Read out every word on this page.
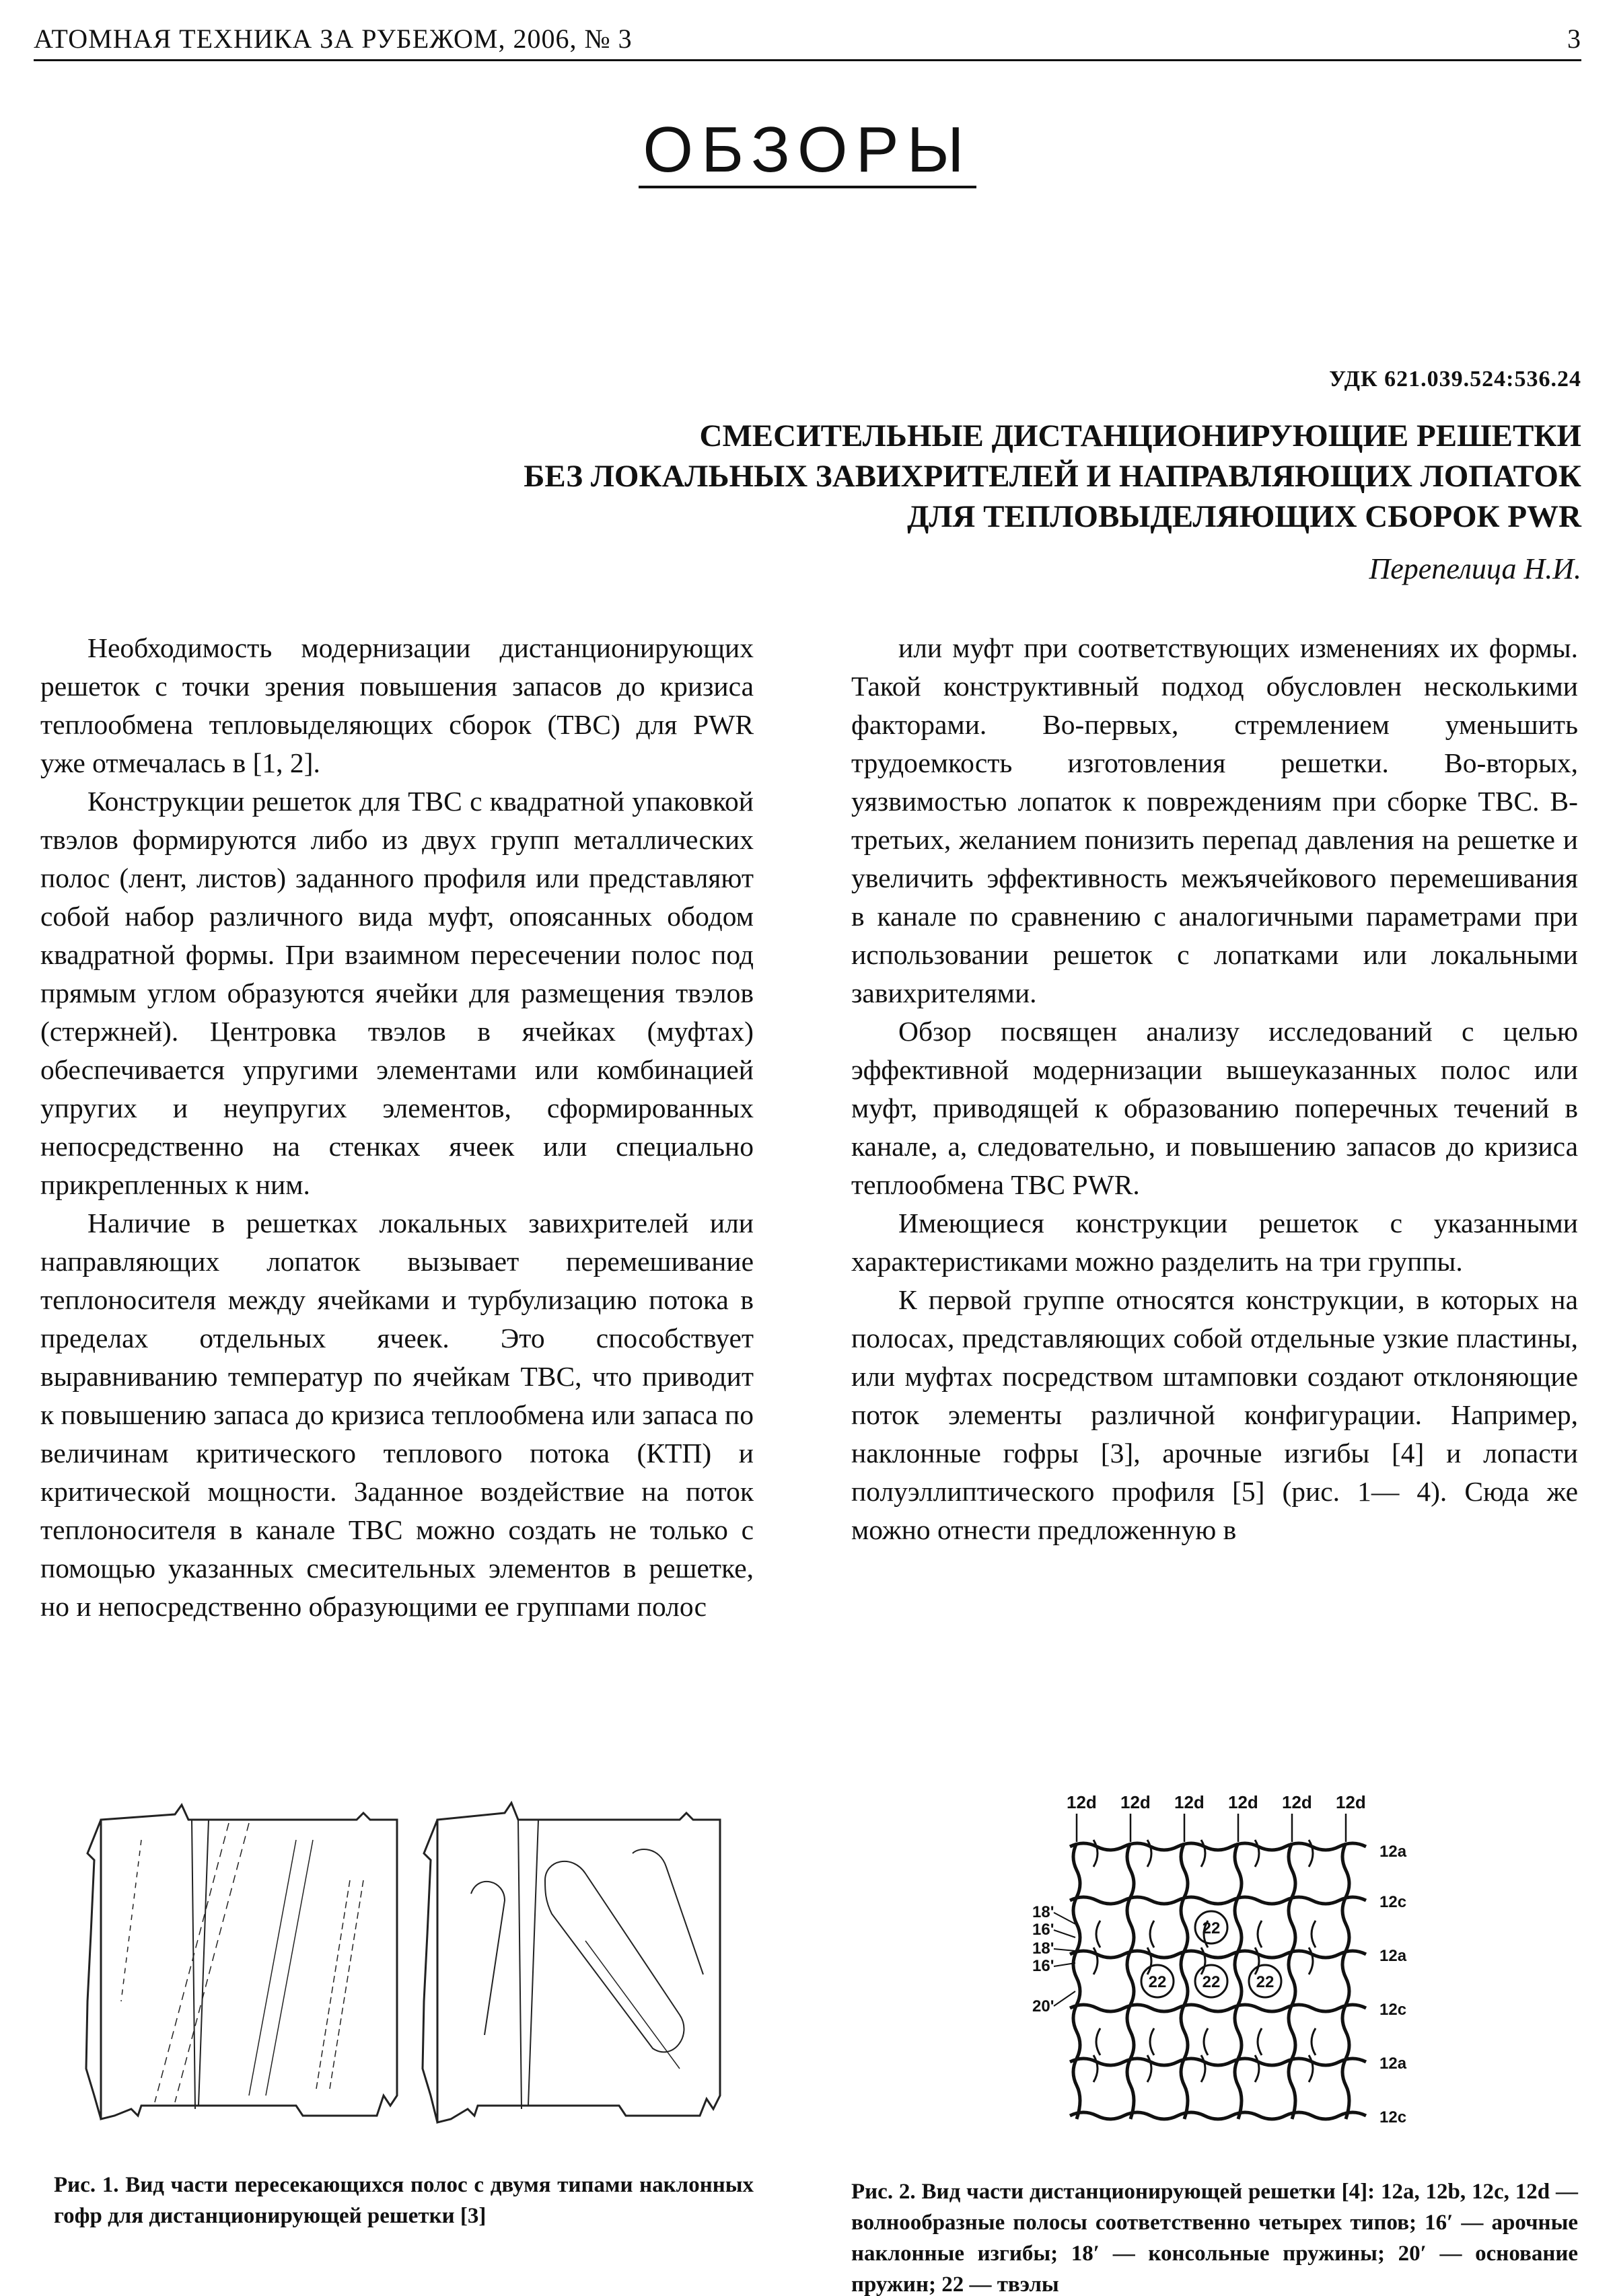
АТОМНАЯ ТЕХНИКА ЗА РУБЕЖОМ, 2006, № 3	3
ОБЗОРЫ
УДК 621.039.524:536.24
СМЕСИТЕЛЬНЫЕ ДИСТАНЦИОНИРУЮЩИЕ РЕШЕТКИ
БЕЗ ЛОКАЛЬНЫХ ЗАВИХРИТЕЛЕЙ И НАПРАВЛЯЮЩИХ ЛОПАТОК
ДЛЯ ТЕПЛОВЫДЕЛЯЮЩИХ СБОРОК PWR
Перепелица Н.И.

Необходимость модернизации дистанционирующих решеток с точки зрения повышения запасов до кризиса теплообмена тепловыделяющих сборок (ТВС) для PWR уже отмечалась в [1, 2].

Конструкции решеток для ТВС с квадратной упаковкой твэлов формируются либо из двух групп металлических полос (лент, листов) заданного профиля или представляют собой набор различного вида муфт, опоясанных ободом квадратной формы. При взаимном пересечении полос под прямым углом образуются ячейки для размещения твэлов (стержней). Центровка твэлов в ячейках (муфтах) обеспечивается упругими элементами или комбинацией упругих и неупругих элементов, сформированных непосредственно на стенках ячеек или специально прикрепленных к ним.

Наличие в решетках локальных завихрителей или направляющих лопаток вызывает перемешивание теплоносителя между ячейками и турбулизацию потока в пределах отдельных ячеек. Это способствует выравниванию температур по ячейкам ТВС, что приводит к повышению запаса до кризиса теплообмена или запаса по величинам критического теплового потока (КТП) и критической мощности. Заданное воздействие на поток теплоносителя в канале ТВС можно создать не только с помощью указанных смесительных элементов в решетке, но и непосредственно образующими ее группами полос

или муфт при соответствующих изменениях их формы. Такой конструктивный подход обусловлен несколькими факторами. Во-первых, стремлением уменьшить трудоемкость изготовления решетки. Во-вторых, уязвимостью лопаток к повреждениям при сборке ТВС. В-третьих, желанием понизить перепад давления на решетке и увеличить эффективность межъячейкового перемешивания в канале по сравнению с аналогичными параметрами при использовании решеток с лопатками или локальными завихрителями.

Обзор посвящен анализу исследований с целью эффективной модернизации вышеуказанных полос или муфт, приводящей к образованию поперечных течений в канале, а, следовательно, и повышению запасов до кризиса теплообмена ТВС PWR.

Имеющиеся конструкции решеток с указанными характеристиками можно разделить на три группы.

К первой группе относятся конструкции, в которых на полосах, представляющих собой отдельные узкие пластины, или муфтах посредством штамповки создают отклоняющие поток элементы различной конфигурации. Например, наклонные гофры [3], арочные изгибы [4] и лопасти полуэллиптического профиля [5] (рис. 1— 4). Сюда же можно отнести предложенную в

12d 12d 12d 12d 12d 12d
22
22 22 22
12a
12c
12a
12c
12a
12c
18'
16'
18'
16'
20'
Рис. 1. Вид части пересекающихся полос с двумя типами наклонных гофр для дистанционирующей решетки [3]
Рис. 2. Вид части дистанционирующей решетки [4]: 12a, 12b, 12c, 12d — волнообразные полосы соответственно четырех типов; 16′ — арочные наклонные изгибы; 18′ — консольные пружины; 20′ — основание пружин; 22 — твэлы
